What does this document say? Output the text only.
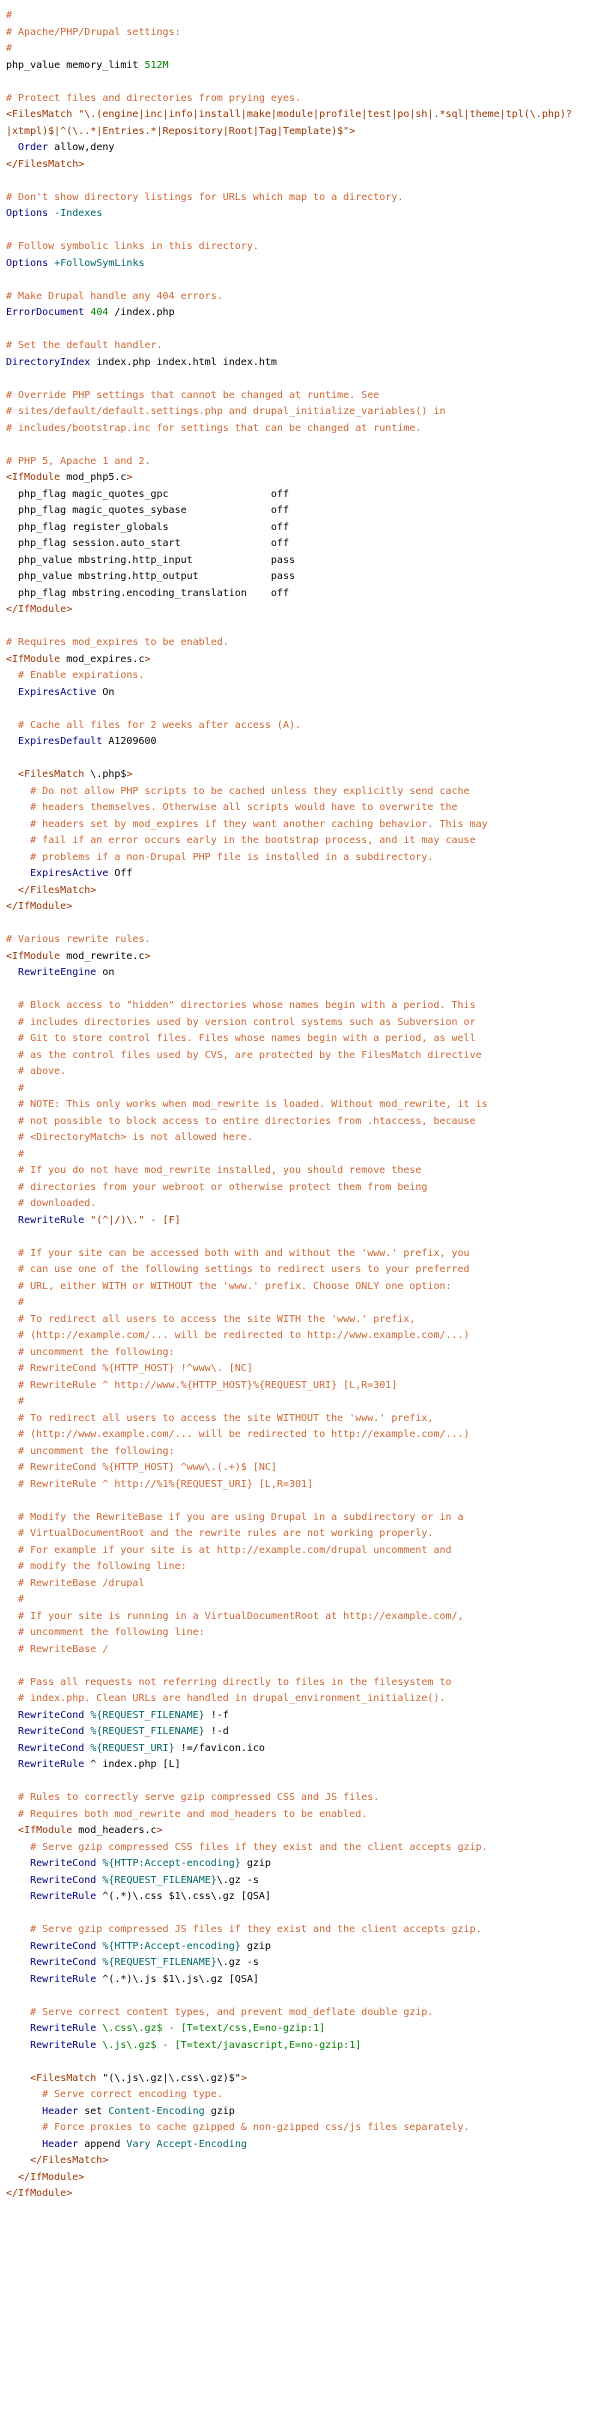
#
# Apache/PHP/Drupal settings:
#
php_value memory_limit 512M
# Protect files and directories from prying eyes.
<FilesMatch "\.(engine|inc|info|install|make|module|profile|test|po|sh|.*sql|theme|tpl(\.php)?
|xtmpl)$|^(\..*|Entries.*|Repository|Root|Tag|Template)$">
Order allow,deny
</FilesMatch>
# Don't show directory listings for URLs which map to a directory.
Options -Indexes
# Follow symbolic links in this directory.
Options +FollowSymLinks
# Make Drupal handle any 404 errors.
ErrorDocument 404 /index.php
# Set the default handler.
DirectoryIndex index.php index.html index.htm
# Override PHP settings that cannot be changed at runtime. See
# sites/default/default.settings.php and drupal_initialize_variables() in
# includes/bootstrap.inc for settings that can be changed at runtime.
# PHP 5, Apache 1 and 2.
<IfModule mod_php5.c>
php_flag magic_quotes_gpc                 off
php_flag magic_quotes_sybase              off
php_flag register_globals                 off
php_flag session.auto_start               off
php_value mbstring.http_input             pass
php_value mbstring.http_output            pass
php_flag mbstring.encoding_translation    off
</IfModule>
# Requires mod_expires to be enabled.
<IfModule mod_expires.c>
# Enable expirations.
ExpiresActive On
# Cache all files for 2 weeks after access (A).
ExpiresDefault A1209600
<FilesMatch \.php$>
# Do not allow PHP scripts to be cached unless they explicitly send cache
# headers themselves. Otherwise all scripts would have to overwrite the
# headers set by mod_expires if they want another caching behavior. This may
# fail if an error occurs early in the bootstrap process, and it may cause
# problems if a non-Drupal PHP file is installed in a subdirectory.
ExpiresActive Off
</FilesMatch>
</IfModule>
# Various rewrite rules.
<IfModule mod_rewrite.c>
RewriteEngine on
# Block access to "hidden" directories whose names begin with a period. This
# includes directories used by version control systems such as Subversion or
# Git to store control files. Files whose names begin with a period, as well
# as the control files used by CVS, are protected by the FilesMatch directive
# above.
#
# NOTE: This only works when mod_rewrite is loaded. Without mod_rewrite, it is
# not possible to block access to entire directories from .htaccess, because
# <DirectoryMatch> is not allowed here.
#
# If you do not have mod_rewrite installed, you should remove these
# directories from your webroot or otherwise protect them from being
# downloaded.
RewriteRule "(^|/)\." - [F]
# If your site can be accessed both with and without the 'www.' prefix, you
# can use one of the following settings to redirect users to your preferred
# URL, either WITH or WITHOUT the 'www.' prefix. Choose ONLY one option:
#
# To redirect all users to access the site WITH the 'www.' prefix,
# (http://example.com/... will be redirected to http://www.example.com/...)
# uncomment the following:
# RewriteCond %{HTTP_HOST} !^www\. [NC]
# RewriteRule ^ http://www.%{HTTP_HOST}%{REQUEST_URI} [L,R=301]
#
# To redirect all users to access the site WITHOUT the 'www.' prefix,
# (http://www.example.com/... will be redirected to http://example.com/...)
# uncomment the following:
# RewriteCond %{HTTP_HOST} ^www\.(.+)$ [NC]
# RewriteRule ^ http://%1%{REQUEST_URI} [L,R=301]
# Modify the RewriteBase if you are using Drupal in a subdirectory or in a
# VirtualDocumentRoot and the rewrite rules are not working properly.
# For example if your site is at http://example.com/drupal uncomment and
# modify the following line:
# RewriteBase /drupal
#
# If your site is running in a VirtualDocumentRoot at http://example.com/,
# uncomment the following line:
# RewriteBase /
# Pass all requests not referring directly to files in the filesystem to
# index.php. Clean URLs are handled in drupal_environment_initialize().
RewriteCond %{REQUEST_FILENAME} !-f
RewriteCond %{REQUEST_FILENAME} !-d
RewriteCond %{REQUEST_URI} !=/favicon.ico
RewriteRule ^ index.php [L]
# Rules to correctly serve gzip compressed CSS and JS files.
# Requires both mod_rewrite and mod_headers to be enabled.
<IfModule mod_headers.c>
# Serve gzip compressed CSS files if they exist and the client accepts gzip.
RewriteCond %{HTTP:Accept-encoding} gzip
RewriteCond %{REQUEST_FILENAME}\.gz -s
RewriteRule ^(.*)\.css $1\.css\.gz [QSA]
# Serve gzip compressed JS files if they exist and the client accepts gzip.
RewriteCond %{HTTP:Accept-encoding} gzip
RewriteCond %{REQUEST_FILENAME}\.gz -s
RewriteRule ^(.*)\.js $1\.js\.gz [QSA]
# Serve correct content types, and prevent mod_deflate double gzip.
RewriteRule \.css\.gz$ - [T=text/css,E=no-gzip:1]
RewriteRule \.js\.gz$ - [T=text/javascript,E=no-gzip:1]
<FilesMatch "(\.js\.gz|\.css\.gz)$">
# Serve correct encoding type.
Header set Content-Encoding gzip
# Force proxies to cache gzipped & non-gzipped css/js files separately.
Header append Vary Accept-Encoding
</FilesMatch>
</IfModule>
</IfModule>
